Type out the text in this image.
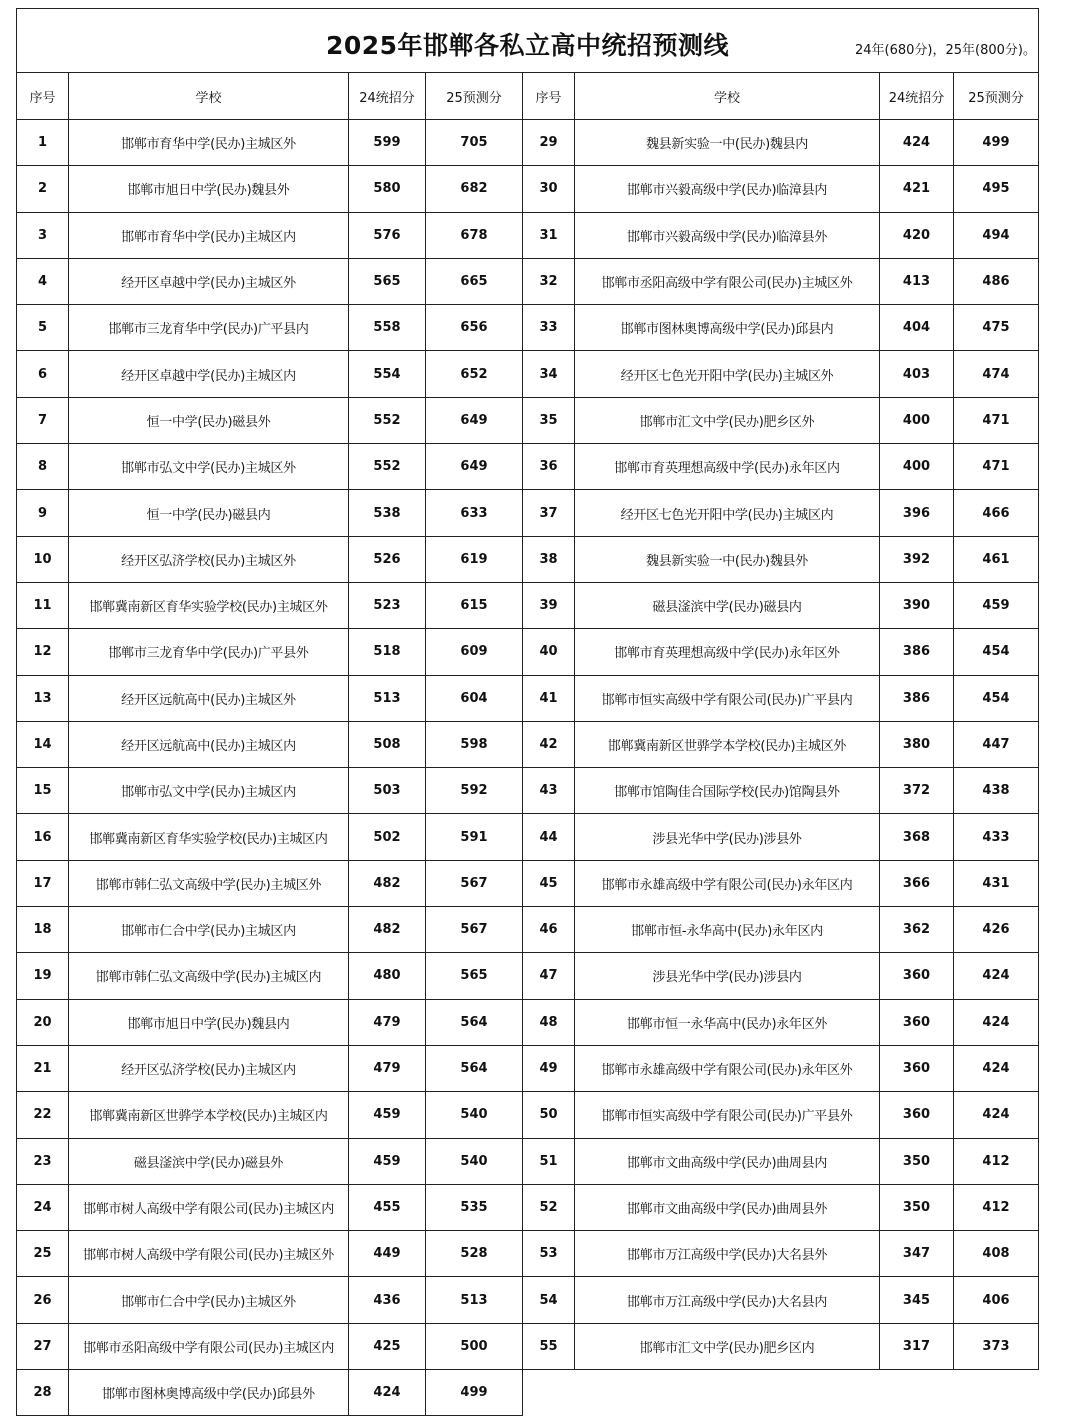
2025年邯郸各私立高中统招预测线 24年(680分)，25年(800分)。							

序号	学校	24统招分	25预测分	序号	学校	24统招分	25预测分
1	邯郸市育华中学(民办)主城区外	599	705	29	魏县新实验一中(民办)魏县内	424	499
2	邯郸市旭日中学(民办)魏县外	580	682	30	邯郸市兴毅高级中学(民办)临漳县内	421	495
3	邯郸市育华中学(民办)主城区内	576	678	31	邯郸市兴毅高级中学(民办)临漳县外	420	494
4	经开区卓越中学(民办)主城区外	565	665	32	邯郸市丞阳高级中学有限公司(民办)主城区外	413	486
5	邯郸市三龙育华中学(民办)广平县内	558	656	33	邯郸市图林奥博高级中学(民办)邱县内	404	475
6	经开区卓越中学(民办)主城区内	554	652	34	经开区七色光开阳中学(民办)主城区外	403	474
7	恒一中学(民办)磁县外	552	649	35	邯郸市汇文中学(民办)肥乡区外	400	471
8	邯郸市弘文中学(民办)主城区外	552	649	36	邯郸市育英理想高级中学(民办)永年区内	400	471
9	恒一中学(民办)磁县内	538	633	37	经开区七色光开阳中学(民办)主城区内	396	466
10	经开区弘济学校(民办)主城区外	526	619	38	魏县新实验一中(民办)魏县外	392	461
11	邯郸冀南新区育华实验学校(民办)主城区外	523	615	39	磁县滏滨中学(民办)磁县内	390	459
12	邯郸市三龙育华中学(民办)广平县外	518	609	40	邯郸市育英理想高级中学(民办)永年区外	386	454
13	经开区远航高中(民办)主城区外	513	604	41	邯郸市恒实高级中学有限公司(民办)广平县内	386	454
14	经开区远航高中(民办)主城区内	508	598	42	邯郸冀南新区世骅学本学校(民办)主城区外	380	447
15	邯郸市弘文中学(民办)主城区内	503	592	43	邯郸市馆陶佳合国际学校(民办)馆陶县外	372	438
16	邯郸冀南新区育华实验学校(民办)主城区内	502	591	44	涉县光华中学(民办)涉县外	368	433
17	邯郸市韩仁弘文高级中学(民办)主城区外	482	567	45	邯郸市永雄高级中学有限公司(民办)永年区内	366	431
18	邯郸市仁合中学(民办)主城区内	482	567	46	邯郸市恒-永华高中(民办)永年区内	362	426
19	邯郸市韩仁弘文高级中学(民办)主城区内	480	565	47	涉县光华中学(民办)涉县内	360	424
20	邯郸市旭日中学(民办)魏县内	479	564	48	邯郸市恒一永华高中(民办)永年区外	360	424
21	经开区弘济学校(民办)主城区内	479	564	49	邯郸市永雄高级中学有限公司(民办)永年区外	360	424
22	邯郸冀南新区世骅学本学校(民办)主城区内	459	540	50	邯郸市恒实高级中学有限公司(民办)广平县外	360	424
23	磁县滏滨中学(民办)磁县外	459	540	51	邯郸市文曲高级中学(民办)曲周县内	350	412
24	邯郸市树人高级中学有限公司(民办)主城区内	455	535	52	邯郸市文曲高级中学(民办)曲周县外	350	412
25	邯郸市树人高级中学有限公司(民办)主城区外	449	528	53	邯郸市万江高级中学(民办)大名县外	347	408
26	邯郸市仁合中学(民办)主城区外	436	513	54	邯郸市万江高级中学(民办)大名县内	345	406
27	邯郸市丞阳高级中学有限公司(民办)主城区内	425	500	55	邯郸市汇文中学(民办)肥乡区内	317	373
28	邯郸市图林奥博高级中学(民办)邱县外	424	499				
